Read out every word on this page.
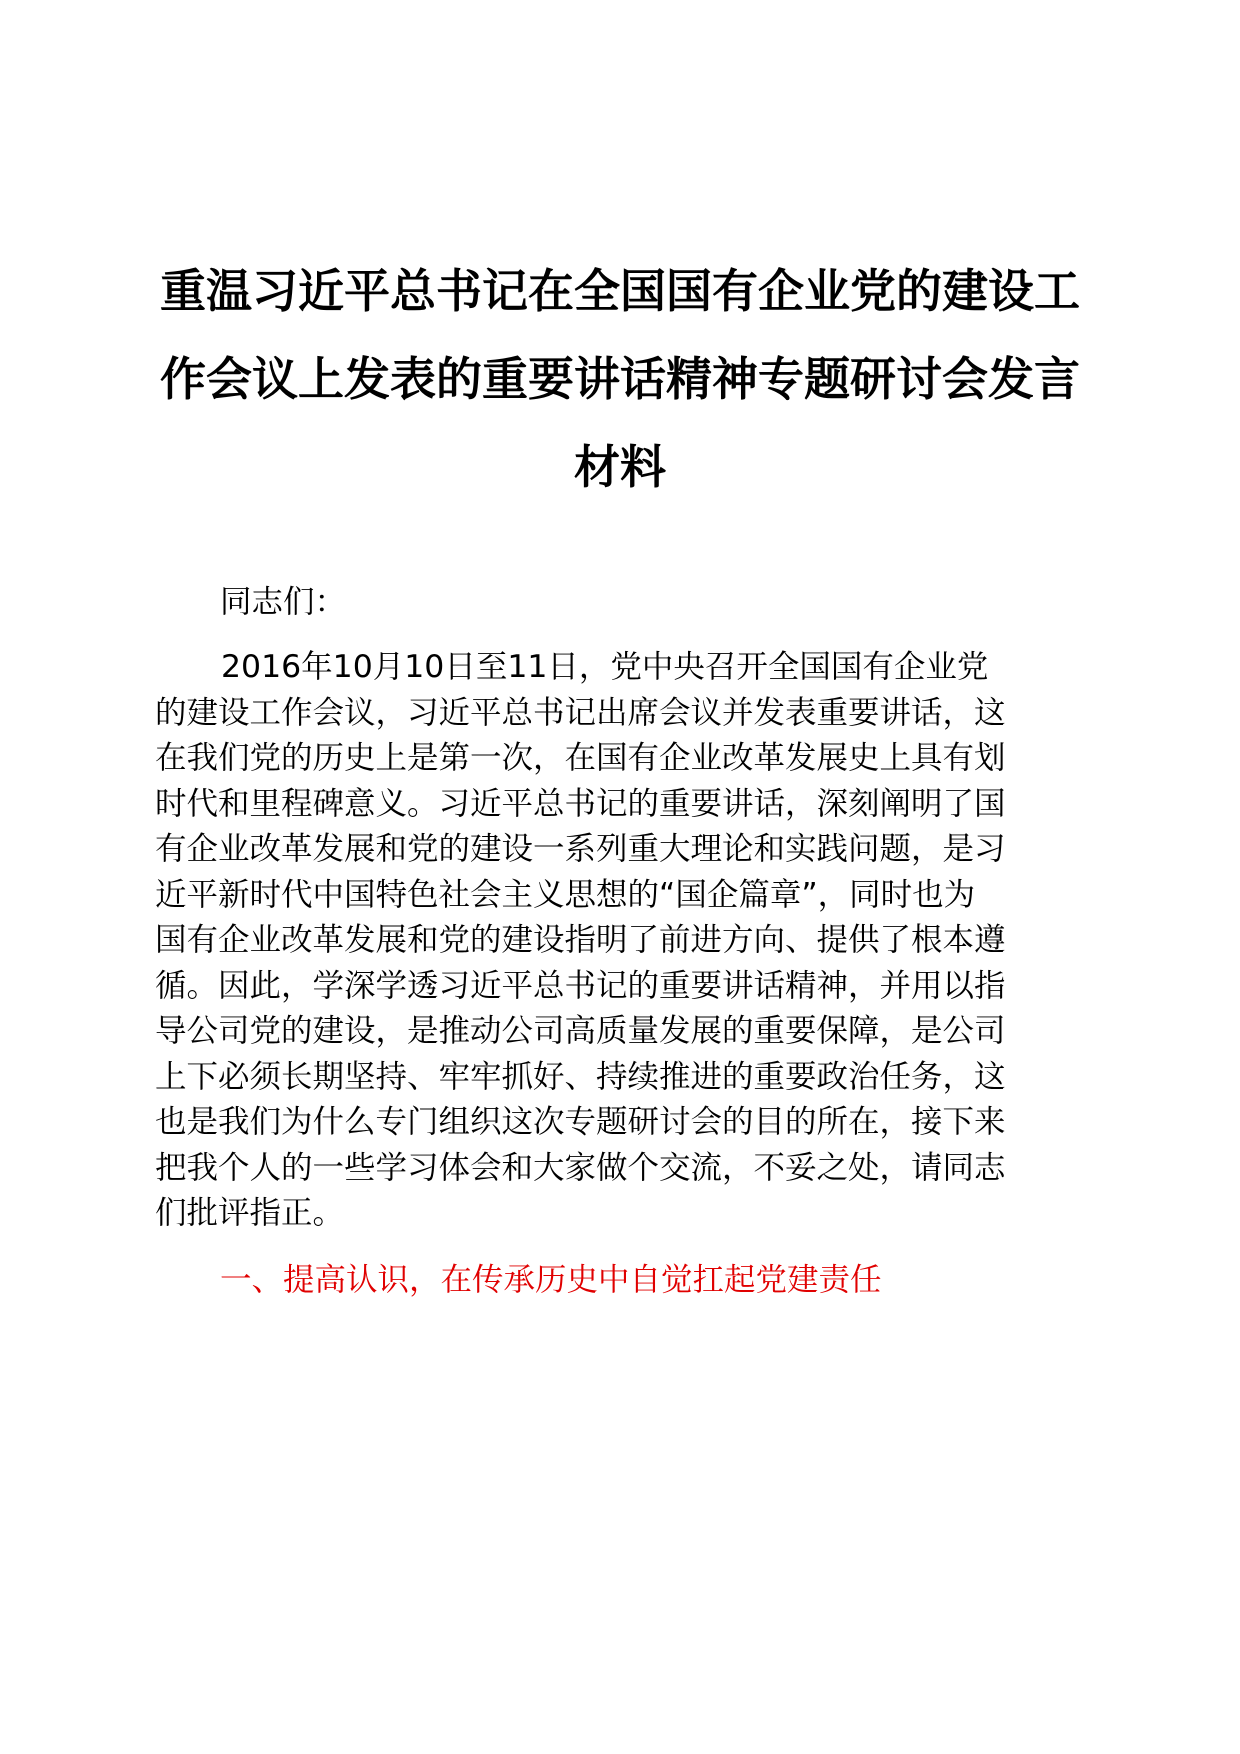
重温习近平总书记在全国国有企业党的建设工
作会议上发表的重要讲话精神专题研讨会发言
材料

同志们：

2016年10月10日至11日，党中央召开全国国有企业党
的建设工作会议，习近平总书记出席会议并发表重要讲话，这
在我们党的历史上是第一次，在国有企业改革发展史上具有划
时代和里程碑意义。习近平总书记的重要讲话，深刻阐明了国
有企业改革发展和党的建设一系列重大理论和实践问题，是习
近平新时代中国特色社会主义思想的“国企篇章”，同时也为
国有企业改革发展和党的建设指明了前进方向、提供了根本遵
循。因此，学深学透习近平总书记的重要讲话精神，并用以指
导公司党的建设，是推动公司高质量发展的重要保障，是公司
上下必须长期坚持、牢牢抓好、持续推进的重要政治任务，这
也是我们为什么专门组织这次专题研讨会的目的所在，接下来
把我个人的一些学习体会和大家做个交流，不妥之处，请同志
们批评指正。

一、提高认识，在传承历史中自觉扛起党建责任
